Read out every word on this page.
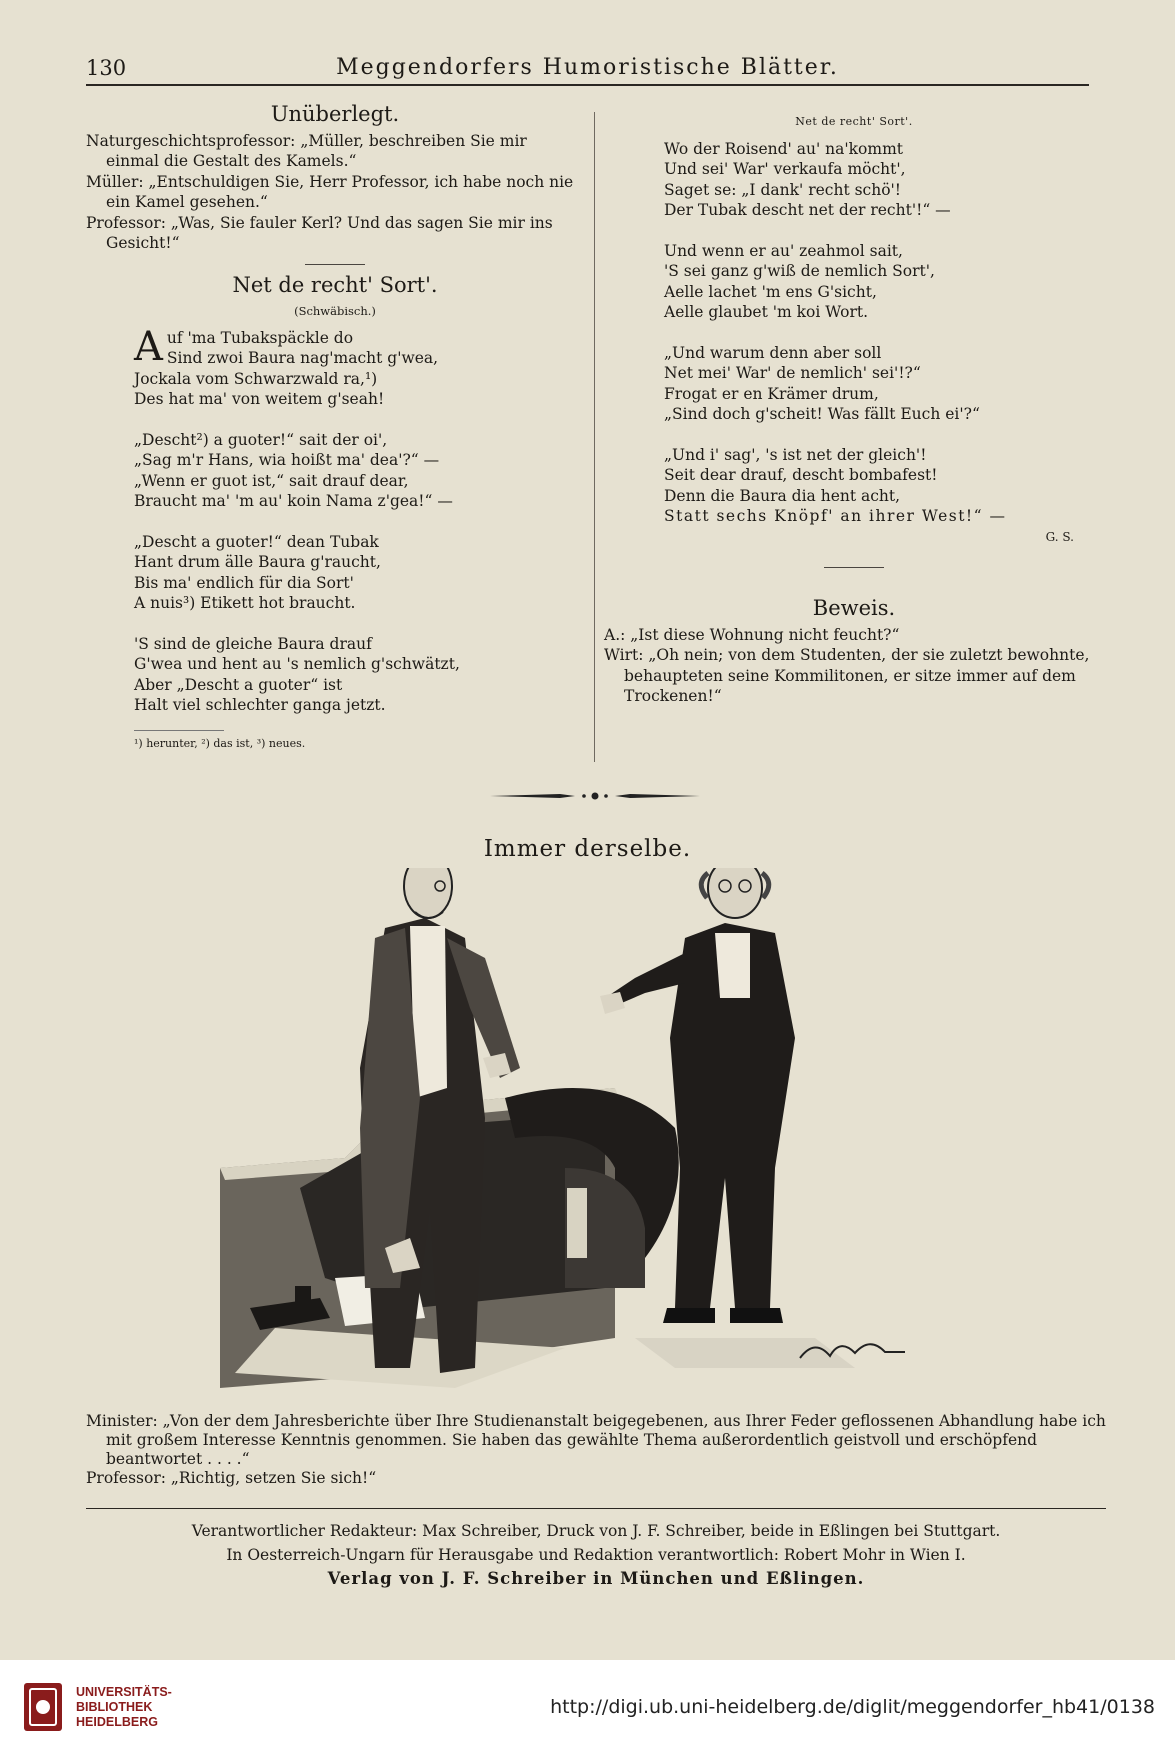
130	Meggendorfers Humoristische Blätter.
Unüberlegt.
Naturgeschichtsprofessor: „Müller, beschreiben Sie mir einmal die Gestalt des Kamels.“
Müller: „Entschuldigen Sie, Herr Professor, ich habe noch nie ein Kamel gesehen.“
Professor: „Was, Sie fauler Kerl? Und das sagen Sie mir ins Gesicht!“
Net de recht' Sort'.
(Schwäbisch.)
A uf 'ma Tubakspäckle do
Sind zwoi Baura nag'macht g'wea,
Jockala vom Schwarzwald ra,¹)
Des hat ma' von weitem g'seah!
„Descht²) a guoter!“ sait der oi',
„Sag m'r Hans, wia hoißt ma' dea'?“ —
„Wenn er guot ist,“ sait drauf dear,
Braucht ma' 'm au' koin Nama z'gea!“ —
„Descht a guoter!“ dean Tubak
Hant drum älle Baura g'raucht,
Bis ma' endlich für dia Sort'
A nuis³) Etikett hot braucht.
'S sind de gleiche Baura drauf
G'wea und hent au 's nemlich g'schwätzt,
Aber „Descht a guoter“ ist
Halt viel schlechter ganga jetzt.
¹) herunter, ²) das ist, ³) neues.
Net de recht' Sort'.
Wo der Roisend' au' na'kommt
Und sei' War' verkaufa möcht',
Saget se: „I dank' recht schö'!
Der Tubak descht net der recht'!“ —
Und wenn er au' zeahmol sait,
'S sei ganz g'wiß de nemlich Sort',
Aelle lachet 'm ens G'sicht,
Aelle glaubet 'm koi Wort.
„Und warum denn aber soll
Net mei' War' de nemlich' sei'!?“
Frogat er en Krämer drum,
„Sind doch g'scheit! Was fällt Euch ei'?“
„Und i' sag', 's ist net der gleich'!
Seit dear drauf, descht bombafest!
Denn die Baura dia hent acht,
Statt sechs Knöpf' an ihrer West!“ —
G. S.
Beweis.
A.: „Ist diese Wohnung nicht feucht?“
Wirt: „Oh nein; von dem Studenten, der sie zuletzt bewohnte, behaupteten seine Kommilitonen, er sitze immer auf dem Trockenen!“
Immer derselbe.
Minister: „Von der dem Jahresberichte über Ihre Studienanstalt beigegebenen, aus Ihrer Feder geflossenen Abhandlung habe ich mit großem Interesse Kenntnis genommen. Sie haben das gewählte Thema außerordentlich geistvoll und erschöpfend beantwortet . . . .“
Professor: „Richtig, setzen Sie sich!“
Verantwortlicher Redakteur: Max Schreiber, Druck von J. F. Schreiber, beide in Eßlingen bei Stuttgart.
In Oesterreich-Ungarn für Herausgabe und Redaktion verantwortlich: Robert Mohr in Wien I.
Verlag von J. F. Schreiber in München und Eßlingen.
UNIVERSITÄTS-
BIBLIOTHEK
HEIDELBERG
http://digi.ub.uni-heidelberg.de/diglit/meggendorfer_hb41/0138
